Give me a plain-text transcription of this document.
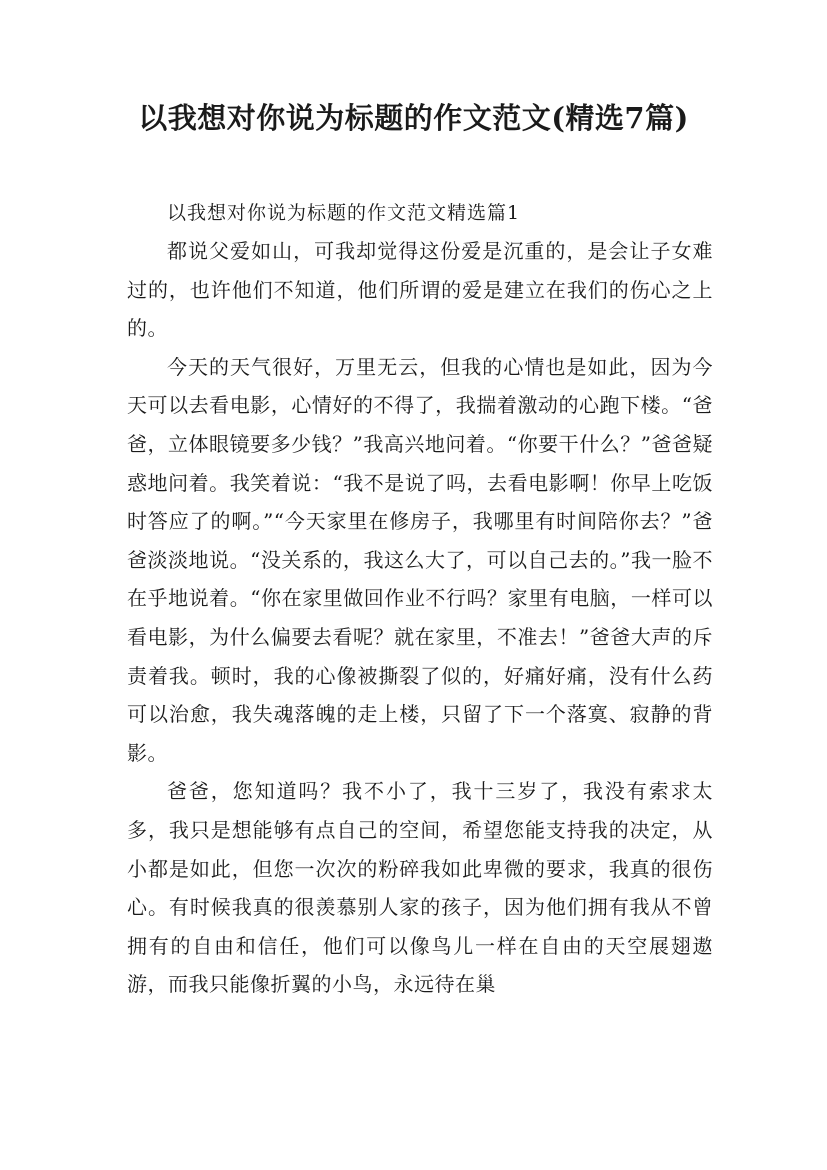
以我想对你说为标题的作文范文(精选7篇)

以我想对你说为标题的作文范文精选篇1

都说父爱如山，可我却觉得这份爱是沉重的，是会让子女难过的，也许他们不知道，他们所谓的爱是建立在我们的伤心之上的。

今天的天气很好，万里无云，但我的心情也是如此，因为今天可以去看电影，心情好的不得了，我揣着激动的心跑下楼。“爸爸，立体眼镜要多少钱？”我高兴地问着。“你要干什么？”爸爸疑惑地问着。我笑着说：“我不是说了吗，去看电影啊！你早上吃饭时答应了的啊。”“今天家里在修房子，我哪里有时间陪你去？”爸爸淡淡地说。“没关系的，我这么大了，可以自己去的。”我一脸不在乎地说着。“你在家里做回作业不行吗？家里有电脑，一样可以看电影，为什么偏要去看呢？就在家里，不准去！”爸爸大声的斥责着我。顿时，我的心像被撕裂了似的，好痛好痛，没有什么药可以治愈，我失魂落魄的走上楼，只留了下一个落寞、寂静的背影。

爸爸，您知道吗？我不小了，我十三岁了，我没有索求太多，我只是想能够有点自己的空间，希望您能支持我的决定，从小都是如此，但您一次次的粉碎我如此卑微的要求，我真的很伤心。有时候我真的很羡慕别人家的孩子，因为他们拥有我从不曾拥有的自由和信任，他们可以像鸟儿一样在自由的天空展翅遨游，而我只能像折翼的小鸟，永远待在巢
